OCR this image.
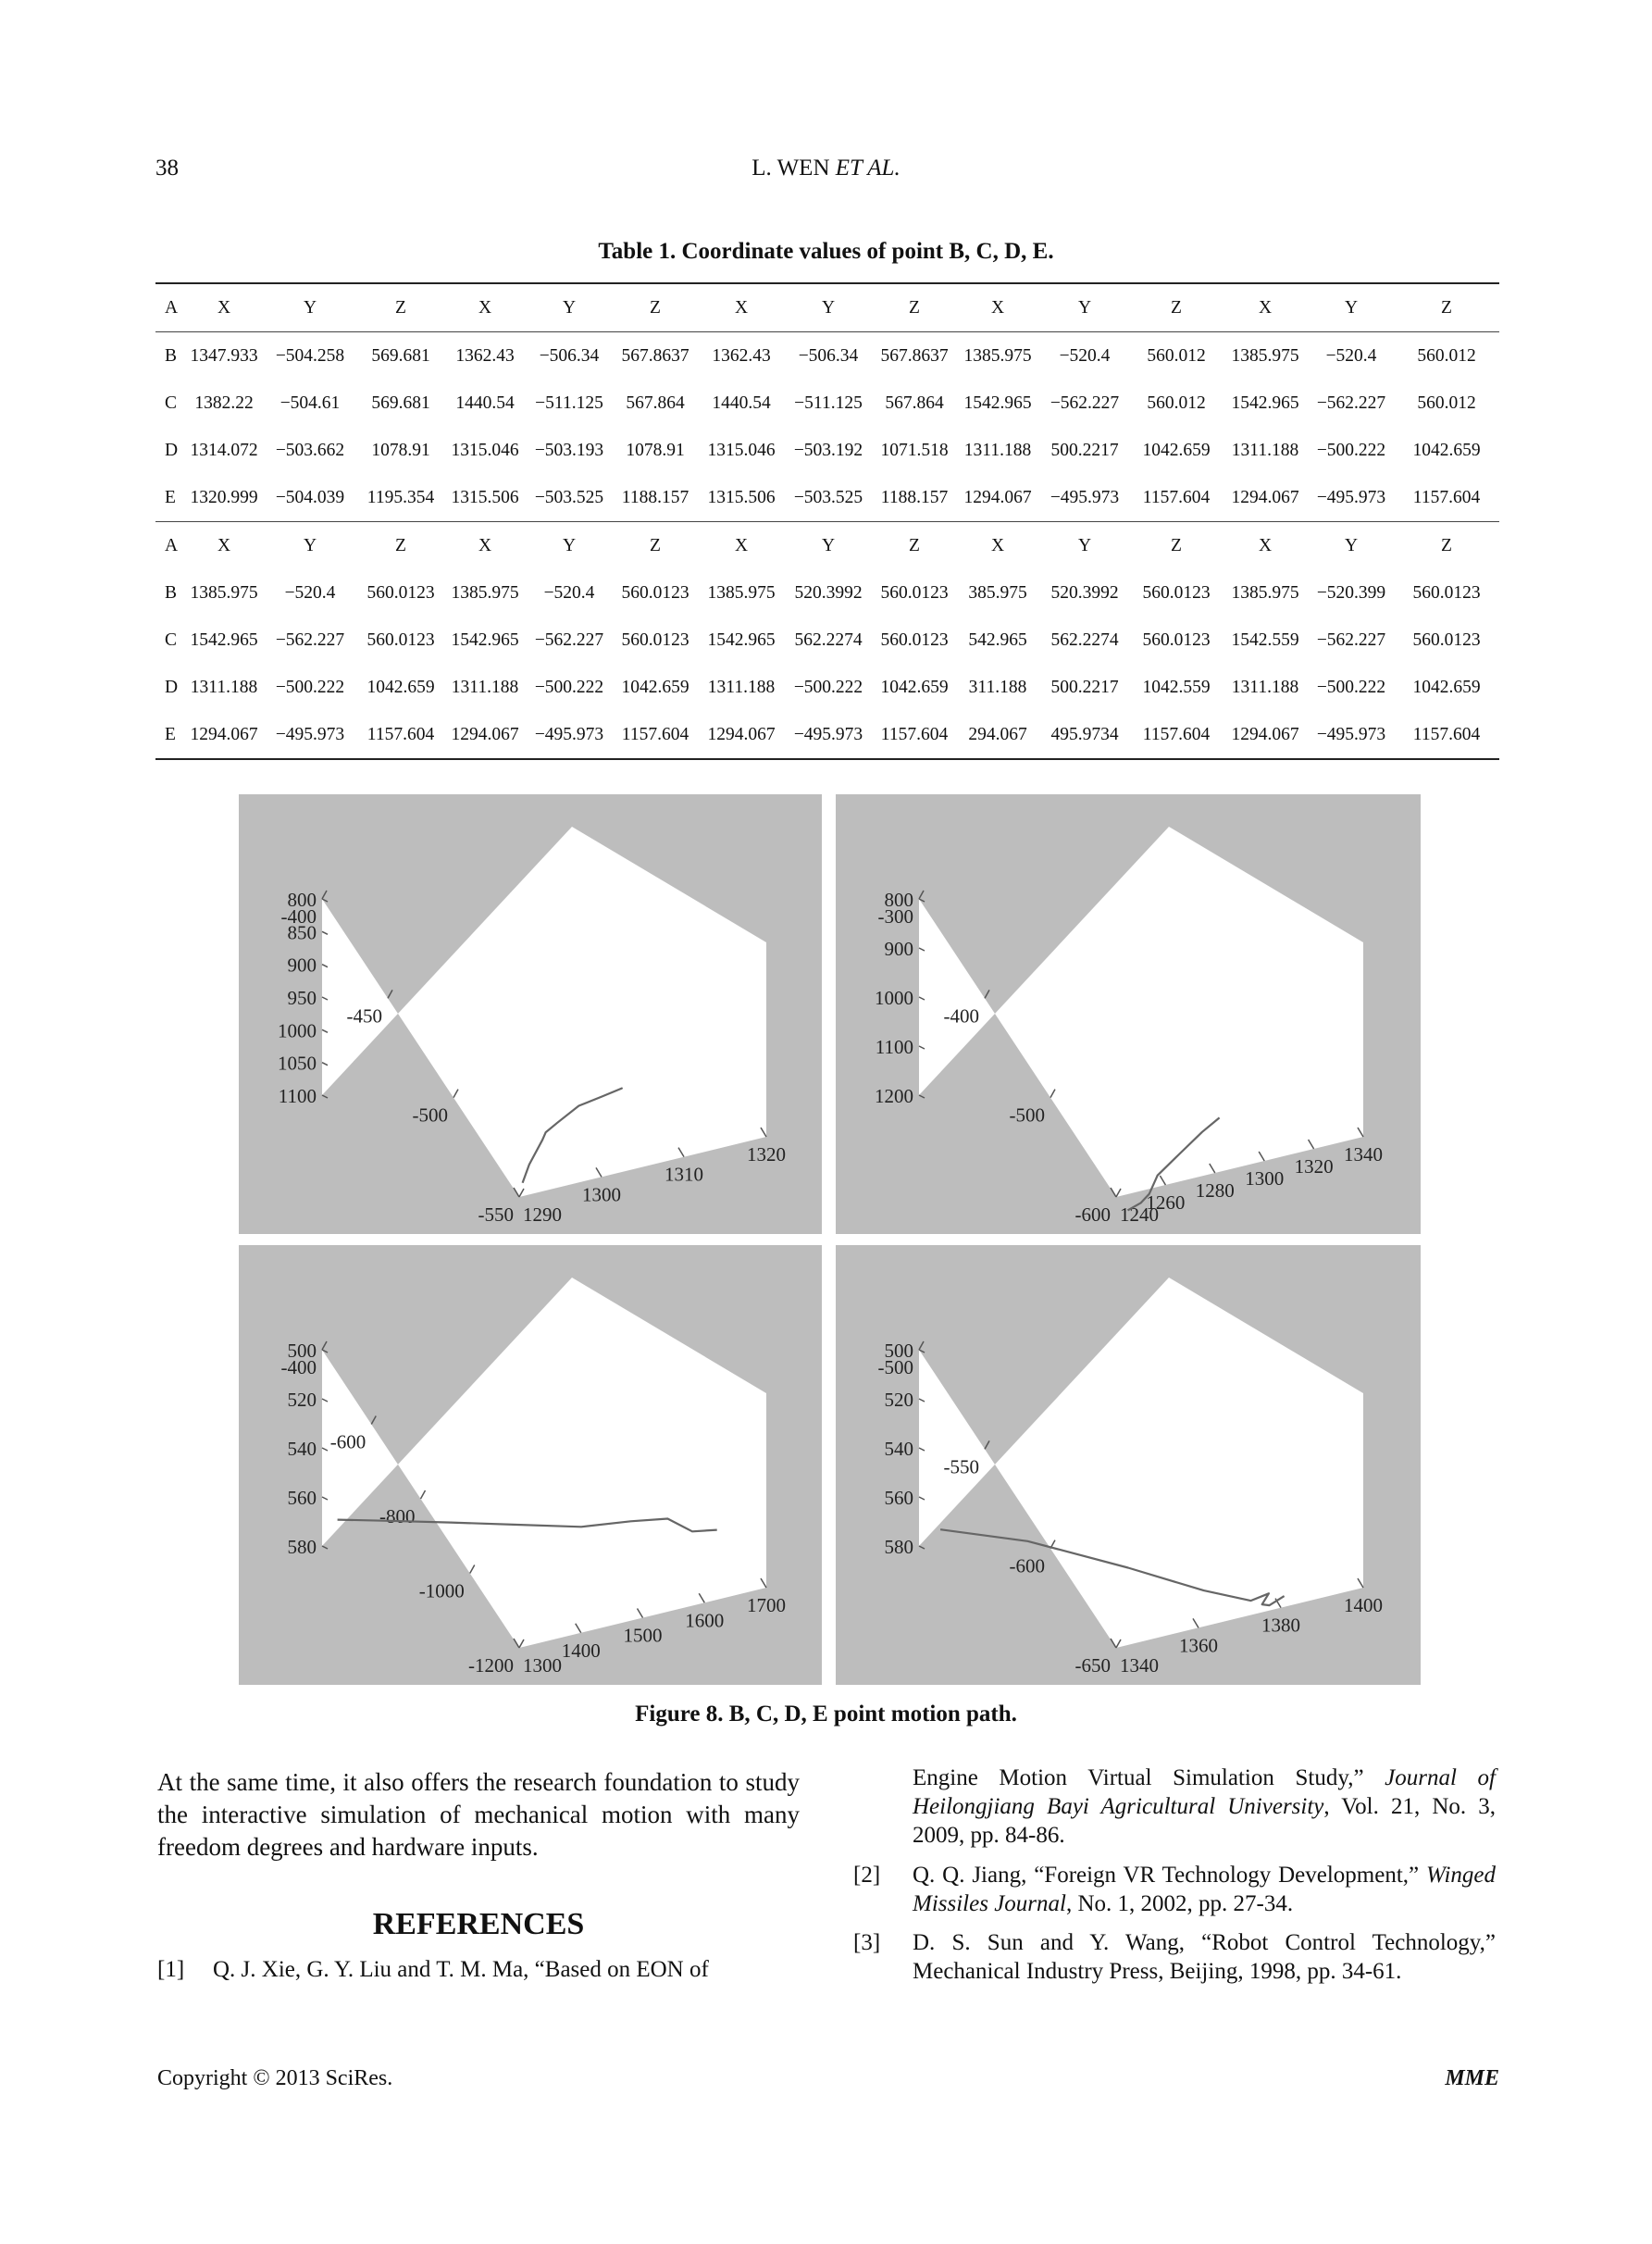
38	L. WEN ET AL.
Table 1. Coordinate values of point B, C, D, E.
A	X	Y	Z	X	Y	Z	X	Y	Z	X	Y	Z	X	Y	Z
B	1347.933	−504.258	569.681	1362.43	−506.34	567.8637	1362.43	−506.34	567.8637	1385.975	−520.4	560.012	1385.975	−520.4	560.012
C	1382.22	−504.61	569.681	1440.54	−511.125	567.864	1440.54	−511.125	567.864	1542.965	−562.227	560.012	1542.965	−562.227	560.012
D	1314.072	−503.662	1078.91	1315.046	−503.193	1078.91	1315.046	−503.192	1071.518	1311.188	500.2217	1042.659	1311.188	−500.222	1042.659
E	1320.999	−504.039	1195.354	1315.506	−503.525	1188.157	1315.506	−503.525	1188.157	1294.067	−495.973	1157.604	1294.067	−495.973	1157.604
A	X	Y	Z	X	Y	Z	X	Y	Z	X	Y	Z	X	Y	Z
B	1385.975	−520.4	560.0123	1385.975	−520.4	560.0123	1385.975	520.3992	560.0123	385.975	520.3992	560.0123	1385.975	−520.399	560.0123
C	1542.965	−562.227	560.0123	1542.965	−562.227	560.0123	1542.965	562.2274	560.0123	542.965	562.2274	560.0123	1542.559	−562.227	560.0123
D	1311.188	−500.222	1042.659	1311.188	−500.222	1042.659	1311.188	−500.222	1042.659	311.188	500.2217	1042.559	1311.188	−500.222	1042.659
E	1294.067	−495.973	1157.604	1294.067	−495.973	1157.604	1294.067	−495.973	1157.604	294.067	495.9734	1157.604	1294.067	−495.973	1157.604
800
850
900
950
1000
1050
1100
-400
-450
-500
-550 1290
1300
1310
1320
800
900
1000
1100
1200
-300
-400
-500
-600 1240
1260
1280
1300
1320
1340
500
520
540
560
580
-400
-600
-800
-1000
-1200 1300
1400
1500
1600
1700
500
520
540
560
580
-500
-550
-600
-650 1340
1360
1380
1400
Figure 8. B, C, D, E point motion path.
At the same time, it also offers the research foundation to study the interactive simulation of mechanical motion with many freedom degrees and hardware inputs.
REFERENCES
[1] Q. J. Xie, G. Y. Liu and T. M. Ma, “Based on EON of
Engine Motion Virtual Simulation Study,” Journal of Heilongjiang Bayi Agricultural University, Vol. 21, No. 3, 2009, pp. 84-86.
[2] Q. Q. Jiang, “Foreign VR Technology Development,” Winged Missiles Journal, No. 1, 2002, pp. 27-34.
[3] D. S. Sun and Y. Wang, “Robot Control Technology,” Mechanical Industry Press, Beijing, 1998, pp. 34-61.
Copyright © 2013 SciRes.	MME
